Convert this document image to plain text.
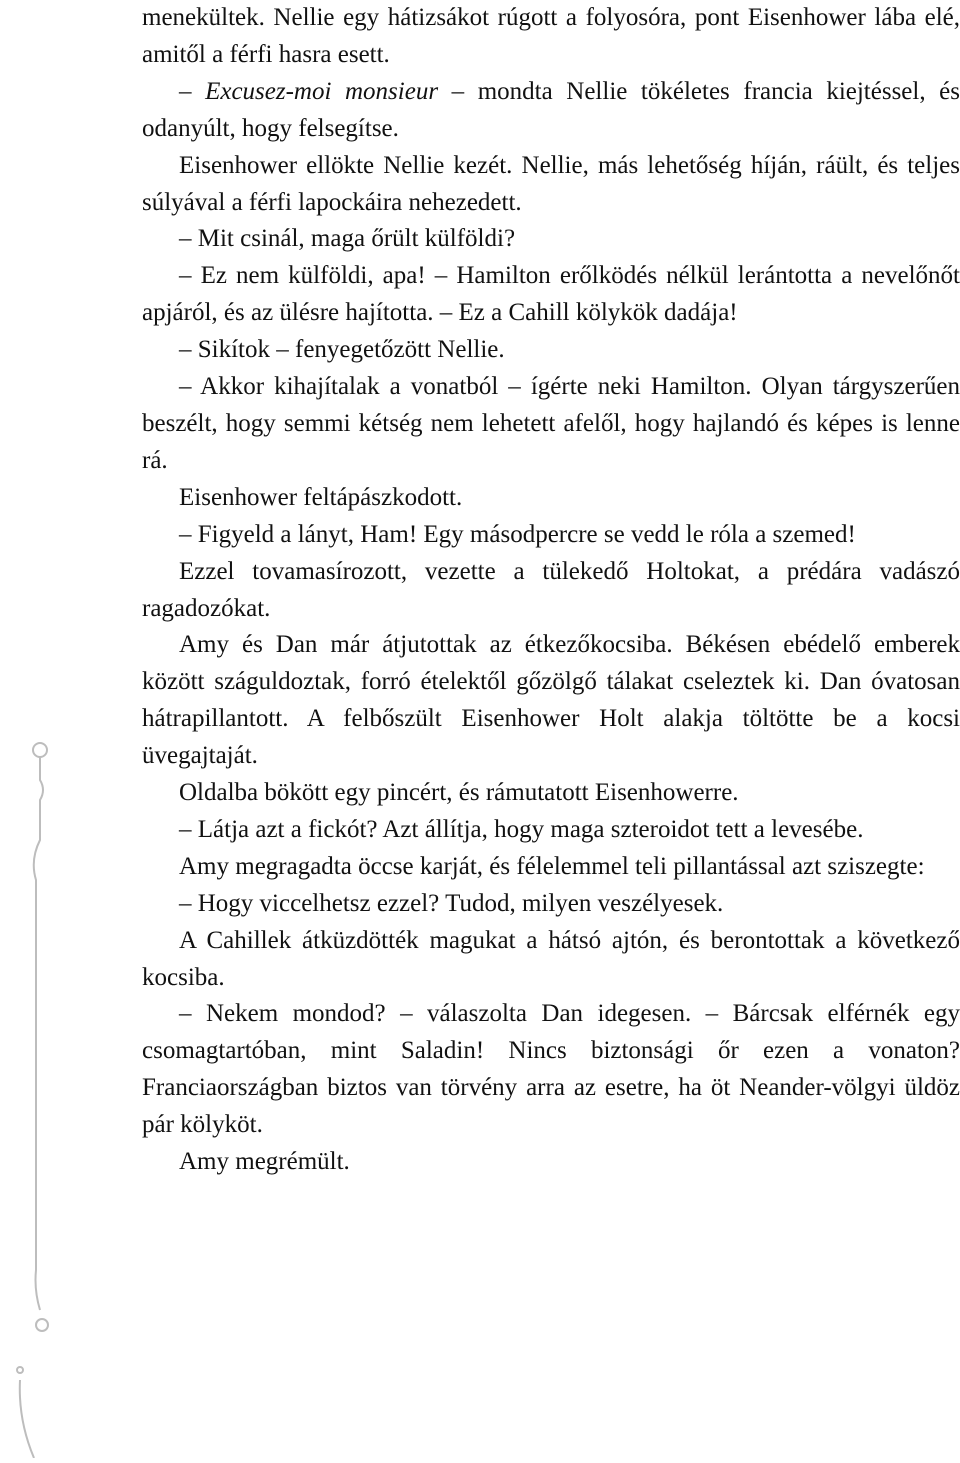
menekültek. Nellie egy hátizsákot rúgott a folyosóra, pont Eisenhower lába elé, amitől a férfi hasra esett.
– Excusez-moi monsieur – mondta Nellie tökéletes francia kiejtéssel, és odanyúlt, hogy felsegítse.
Eisenhower ellökte Nellie kezét. Nellie, más lehetőség híján, ráült, és teljes súlyával a férfi lapockáira nehezedett.
– Mit csinál, maga őrült külföldi?
– Ez nem külföldi, apa! – Hamilton erőlködés nélkül lerántotta a nevelőnőt apjáról, és az ülésre hajította. – Ez a Cahill kölykök dadája!
– Sikítok – fenyegetőzött Nellie.
– Akkor kihajítalak a vonatból – ígérte neki Hamilton. Olyan tárgyszerűen beszélt, hogy semmi kétség nem lehetett afelől, hogy hajlandó és képes is lenne rá.
Eisenhower feltápászkodott.
– Figyeld a lányt, Ham! Egy másodpercre se vedd le róla a szemed!
Ezzel tovamasírozott, vezette a tülekedő Holtokat, a prédára vadászó ragadozókat.
Amy és Dan már átjutottak az étkezőkocsiba. Békésen ebédelő emberek között száguldoztak, forró ételektől gőzölgő tálakat cseleztek ki. Dan óvatosan hátrapillantott. A felbőszült Eisenhower Holt alakja töltötte be a kocsi üvegajtaját.
Oldalba bökött egy pincért, és rámutatott Eisenhowerre.
– Látja azt a fickót? Azt állítja, hogy maga szteroidot tett a levesébe.
Amy megragadta öccse karját, és félelemmel teli pillantással azt sziszegte:
– Hogy viccelhetsz ezzel? Tudod, milyen veszélyesek.
A Cahillek átküzdötték magukat a hátsó ajtón, és berontottak a következő kocsiba.
– Nekem mondod? – válaszolta Dan idegesen. – Bárcsak elférnék egy csomagtartóban, mint Saladin! Nincs biztonsági őr ezen a vonaton? Franciaországban biztos van törvény arra az esetre, ha öt Neander-völgyi üldöz pár kölyköt.
Amy megrémült.
